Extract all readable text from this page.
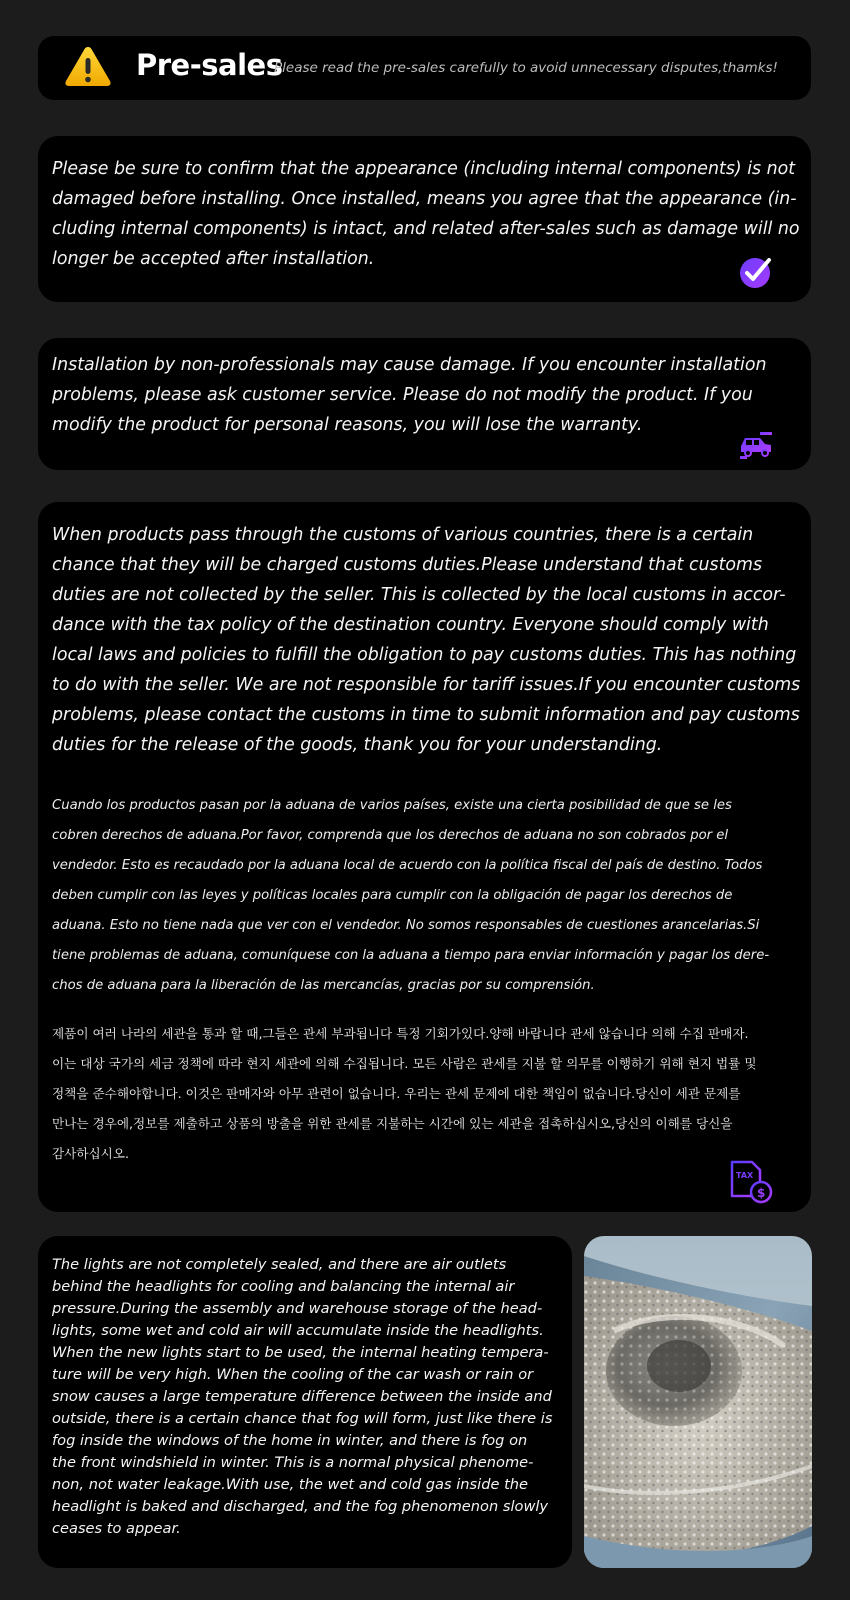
Pre-sales
Please read the pre-sales carefully to avoid unnecessary disputes,thamks!
Please be sure to confirm that the appearance (including internal components) is not
damaged before installing. Once installed, means you agree that the appearance (in-
cluding internal components) is intact, and related after-sales such as damage will no
longer be accepted after installation.
Installation by non-professionals may cause damage. If you encounter installation
problems, please ask customer service. Please do not modify the product. If you
modify the product for personal reasons, you will lose the warranty.
When products pass through the customs of various countries, there is a certain
chance that they will be charged customs duties.Please understand that customs
duties are not collected by the seller. This is collected by the local customs in accor-
dance with the tax policy of the destination country. Everyone should comply with
local laws and policies to fulfill the obligation to pay customs duties. This has nothing
to do with the seller. We are not responsible for tariff issues.If you encounter customs
problems, please contact the customs in time to submit information and pay customs
duties for the release of the goods, thank you for your understanding.
Cuando los productos pasan por la aduana de varios países, existe una cierta posibilidad de que se les
cobren derechos de aduana.Por favor, comprenda que los derechos de aduana no son cobrados por el
vendedor. Esto es recaudado por la aduana local de acuerdo con la política fiscal del país de destino. Todos
deben cumplir con las leyes y políticas locales para cumplir con la obligación de pagar los derechos de
aduana. Esto no tiene nada que ver con el vendedor. No somos responsables de cuestiones arancelarias.Si
tiene problemas de aduana, comuníquese con la aduana a tiempo para enviar información y pagar los dere-
chos de aduana para la liberación de las mercancías, gracias por su comprensión.
제품이 여러 나라의 세관을 통과 할 때,그들은 관세 부과됩니다 특정 기회가있다.양해 바랍니다 관세 않습니다 의해 수집 판매자.
이는 대상 국가의 세금 정책에 따라 현지 세관에 의해 수집됩니다. 모든 사람은 관세를 지불 할 의무를 이행하기 위해 현지 법률 및
정책을 준수해야합니다. 이것은 판매자와 아무 관련이 없습니다. 우리는 관세 문제에 대한 책임이 없습니다.당신이 세관 문제를
만나는 경우에,정보를 제출하고 상품의 방출을 위한 관세를 지불하는 시간에 있는 세관을 접촉하십시오,당신의 이해를 당신을
감사하십시오.
TAX
$
The lights are not completely sealed, and there are air outlets
behind the headlights for cooling and balancing the internal air
pressure.During the assembly and warehouse storage of the head-
lights, some wet and cold air will accumulate inside the headlights.
When the new lights start to be used, the internal heating tempera-
ture will be very high. When the cooling of the car wash or rain or
snow causes a large temperature difference between the inside and
outside, there is a certain chance that fog will form, just like there is
fog inside the windows of the home in winter, and there is fog on
the front windshield in winter. This is a normal physical phenome-
non, not water leakage.With use, the wet and cold gas inside the
headlight is baked and discharged, and the fog phenomenon slowly
ceases to appear.
